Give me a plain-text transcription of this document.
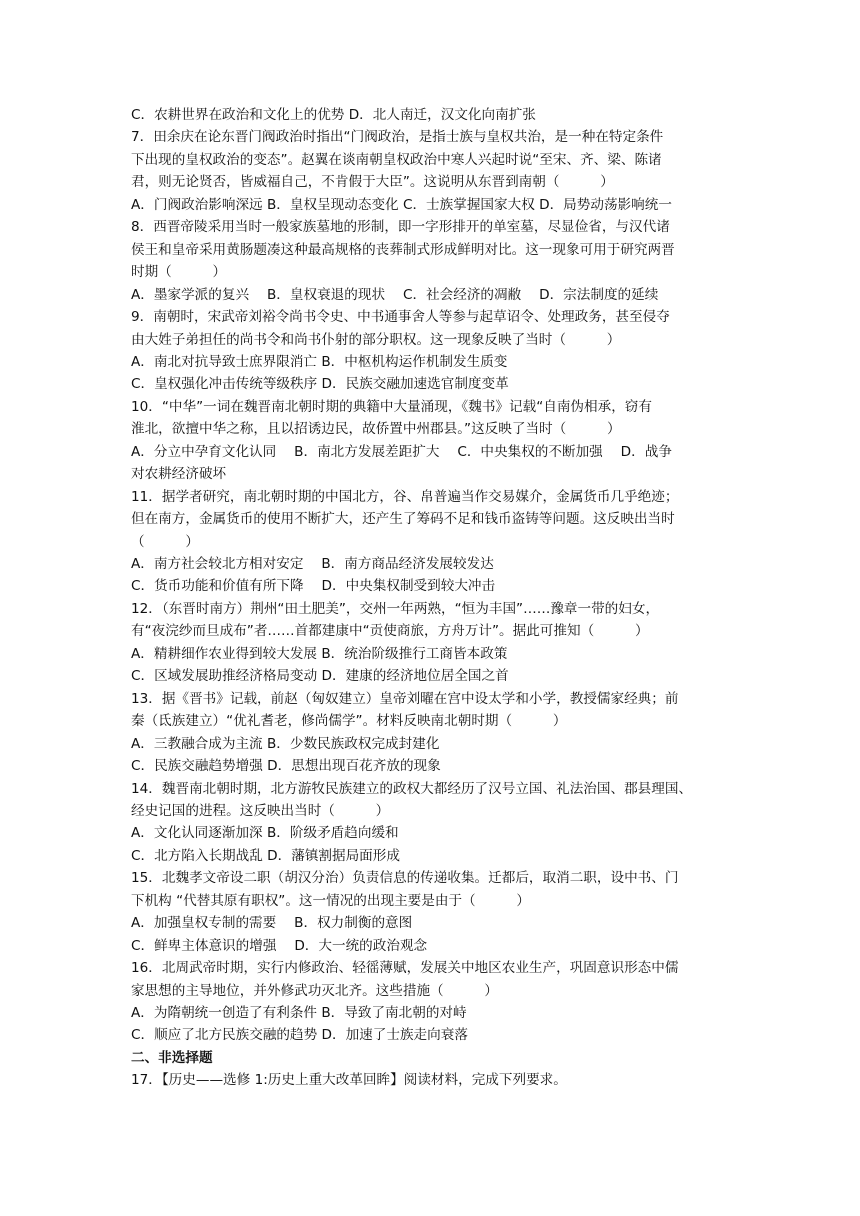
C．农耕世界在政治和文化上的优势 D．北人南迁，汉文化向南扩张
7．田余庆在论东晋门阀政治时指出“门阀政治，是指士族与皇权共治，是一种在特定条件
下出现的皇权政治的变态”。赵翼在谈南朝皇权政治中寒人兴起时说“至宋、齐、梁、陈诸
君，则无论贤否，皆威福自己，不肯假于大臣”。这说明从东晋到南朝（　　　）
A．门阀政治影响深远 B．皇权呈现动态变化 C．士族掌握国家大权 D．局势动荡影响统一
8．西晋帝陵采用当时一般家族墓地的形制，即一字形排开的单室墓，尽显俭省，与汉代诸
侯王和皇帝采用黄肠题凑这种最高规格的丧葬制式形成鲜明对比。这一现象可用于研究两晋
时期（　　　）
A．墨家学派的复兴　 B．皇权衰退的现状　 C．社会经济的凋敝　 D．宗法制度的延续
9．南朝时，宋武帝刘裕令尚书令史、中书通事舍人等参与起草诏令、处理政务，甚至侵夺
由大姓子弟担任的尚书令和尚书仆射的部分职权。这一现象反映了当时（　　　）
A．南北对抗导致士庶界限消亡 B．中枢机构运作机制发生质变
C．皇权强化冲击传统等级秩序 D．民族交融加速选官制度变革
10．“中华”一词在魏晋南北朝时期的典籍中大量涌现，《魏书》记载“自南伪相承，窃有
淮北，欲擅中华之称，且以招诱边民，故侨置中州郡县。”这反映了当时（　　　）
A．分立中孕育文化认同　 B．南北方发展差距扩大　 C．中央集权的不断加强　 D．战争
对农耕经济破坏
11．据学者研究，南北朝时期的中国北方，谷、帛普遍当作交易媒介，金属货币几乎绝迹；
但在南方，金属货币的使用不断扩大，还产生了筹码不足和钱币盗铸等问题。这反映出当时
（　　　）
A．南方社会较北方相对安定　 B．南方商品经济发展较发达
C．货币功能和价值有所下降　 D．中央集权制受到较大冲击
12．（东晋时南方）荆州“田土肥美”，交州一年两熟，“恒为丰国”……豫章一带的妇女，
有“夜浣纱而旦成布”者……首都建康中“贡使商旅，方舟万计”。据此可推知（　　　）
A．精耕细作农业得到较大发展 B．统治阶级推行工商皆本政策
C．区域发展助推经济格局变动 D．建康的经济地位居全国之首
13．据《晋书》记载，前赵（匈奴建立）皇帝刘曜在宫中设太学和小学，教授儒家经典；前
秦（氐族建立）“优礼耆老，修尚儒学”。材料反映南北朝时期（　　　）
A．三教融合成为主流 B．少数民族政权完成封建化
C．民族交融趋势增强 D．思想出现百花齐放的现象
14．魏晋南北朝时期，北方游牧民族建立的政权大都经历了汉号立国、礼法治国、郡县理国、
经史记国的进程。这反映出当时（　　　）
A．文化认同逐渐加深 B．阶级矛盾趋向缓和
C．北方陷入长期战乱 D．藩镇割据局面形成
15．北魏孝文帝设二职（胡汉分治）负责信息的传递收集。迁都后，取消二职，设中书、门
下机构 “代替其原有职权”。这一情况的出现主要是由于（　　　）
A．加强皇权专制的需要　 B．权力制衡的意图
C．鲜卑主体意识的增强　 D．大一统的政治观念
16．北周武帝时期，实行内修政治、轻徭薄赋，发展关中地区农业生产，巩固意识形态中儒
家思想的主导地位，并外修武功灭北齐。这些措施（　　　）
A．为隋朝统一创造了有利条件 B．导致了南北朝的对峙
C．顺应了北方民族交融的趋势 D．加速了士族走向衰落
二、非选择题
17．【历史——选修 1:历史上重大改革回眸】阅读材料，完成下列要求。
